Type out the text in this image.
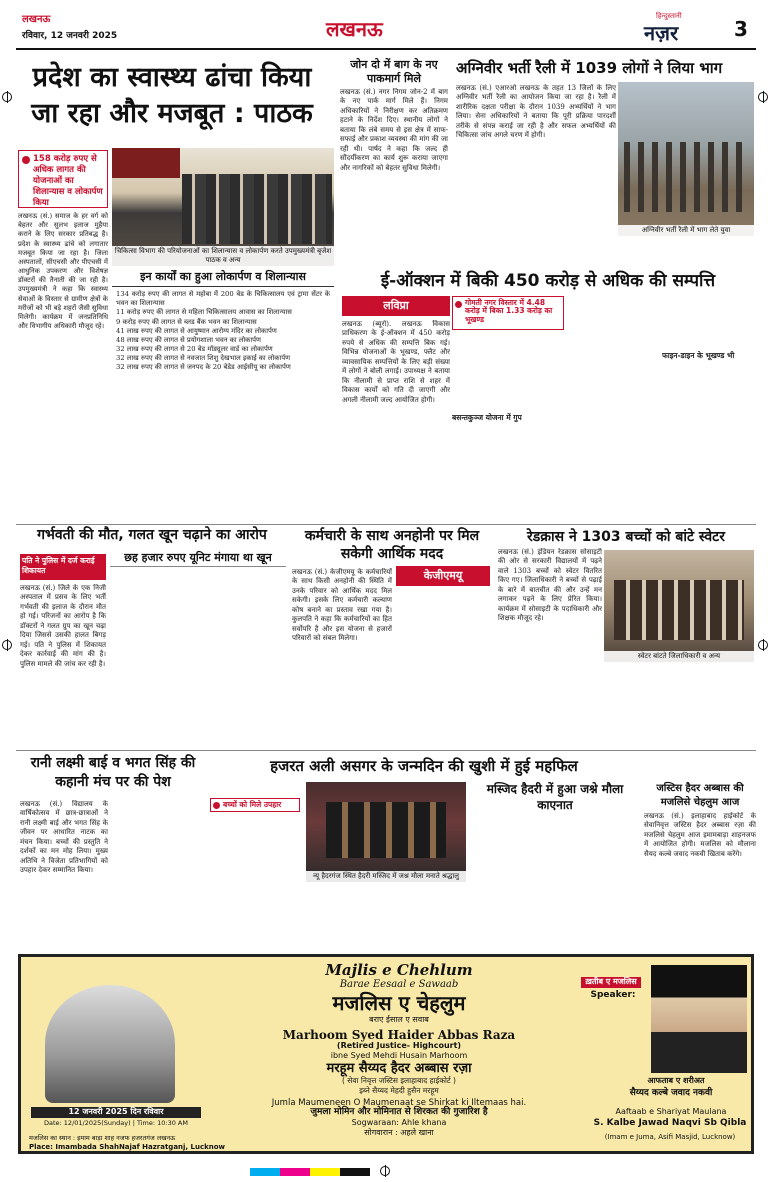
लखनऊ
रविवार, 12 जनवरी 2025	लखनऊ
हिन्दुस्तानी
नज़र	3
प्रदेश का स्वास्थ्य ढांचा किया जा रहा और मजबूत : पाठक
158 करोड़ रुपए से अधिक लागत की योजनाओं का शिलान्यास व लोकार्पण किया
चिकित्सा विभाग की परियोजनाओं का शिलान्यास व लोकार्पण करते उपमुख्यमंत्री बृजेश पाठक व अन्य
लखनऊ (सं.) समाज के हर वर्ग को बेहतर और सुलभ इलाज मुहैया कराने के लिए सरकार प्रतिबद्ध है। प्रदेश के स्वास्थ्य ढांचे को लगातार मजबूत किया जा रहा है। जिला अस्पतालों, सीएचसी और पीएचसी में आधुनिक उपकरण और विशेषज्ञ डॉक्टरों की तैनाती की जा रही है। उपमुख्यमंत्री ने कहा कि स्वास्थ्य सेवाओं के विस्तार से ग्रामीण क्षेत्रों के मरीजों को भी बड़े शहरों जैसी सुविधा मिलेगी। कार्यक्रम में जनप्रतिनिधि और विभागीय अधिकारी मौजूद रहे।
इन कार्यों का हुआ लोकार्पण व शिलान्यास
134 करोड़ रुपए की लागत से महोबा में 200 बेड के चिकित्सालय एवं ट्रामा सेंटर के भवन का शिलान्यास
11 करोड़ रुपए की लागत से महिला चिकित्सालय आवास का शिलान्यास
9 करोड़ रुपए की लागत से ब्लड बैंक भवन का शिलान्यास
41 लाख रुपए की लागत से आयुष्मान आरोग्य मंदिर का लोकार्पण
48 लाख रुपए की लागत से प्रयोगशाला भवन का लोकार्पण
32 लाख रुपए की लागत से 20 बेड मॉड्यूलर वार्ड का लोकार्पण
32 लाख रुपए की लागत से नवजात शिशु देखभाल इकाई का लोकार्पण
32 लाख रुपए की लागत से जनपद के 20 बेडेड आईसीयू का लोकार्पण
जोन दो में बाग के नए पाकमार्ग मिले
लखनऊ (सं.) नगर निगम जोन-2 में बाग के नए पार्क मार्ग मिले हैं। निगम अधिकारियों ने निरीक्षण कर अतिक्रमण हटाने के निर्देश दिए। स्थानीय लोगों ने बताया कि लंबे समय से इस क्षेत्र में साफ-सफाई और प्रकाश व्यवस्था की मांग की जा रही थी। पार्षद ने कहा कि जल्द ही सौंदर्यीकरण का कार्य शुरू कराया जाएगा और नागरिकों को बेहतर सुविधा मिलेगी।
अग्निवीर भर्ती रैली में 1039 लोगों ने लिया भाग
लखनऊ (सं.) एआरओ लखनऊ के तहत 13 जिलों के लिए अग्निवीर भर्ती रैली का आयोजन किया जा रहा है। रैली में शारीरिक दक्षता परीक्षा के दौरान 1039 अभ्यर्थियों ने भाग लिया। सेना अधिकारियों ने बताया कि पूरी प्रक्रिया पारदर्शी तरीके से संपन्न कराई जा रही है और सफल अभ्यर्थियों की चिकित्सा जांच अगले चरण में होगी।
अग्निवीर भर्ती रैली में भाग लेते युवा
ई-ऑक्शन में बिकी 450 करोड़ से अधिक की सम्पत्ति
लविप्रा	गोमती नगर विस्तार में 4.48 करोड़ में बिका 1.33 करोड़ का भूखण्ड
लखनऊ (ब्यूरो). लखनऊ विकास प्राधिकरण के ई-ऑक्शन में 450 करोड़ रुपये से अधिक की सम्पत्ति बिक गई। विभिन्न योजनाओं के भूखण्ड, फ्लैट और व्यावसायिक सम्पत्तियों के लिए बड़ी संख्या में लोगों ने बोली लगाई। उपाध्यक्ष ने बताया कि नीलामी से प्राप्त राशि से शहर में विकास कार्यों को गति दी जाएगी और अगली नीलामी जल्द आयोजित होगी।
बसन्तकुञ्ज योजना में गुप
फाइन-डाइन के भूखण्ड भी
गर्भवती की मौत, गलत खून चढ़ाने का आरोप
पति ने पुलिस में दर्ज कराई शिकायत
छह हजार रुपए यूनिट मंगाया था खून
लखनऊ (सं.) जिले के एक निजी अस्पताल में प्रसव के लिए भर्ती गर्भवती की इलाज के दौरान मौत हो गई। परिजनों का आरोप है कि डॉक्टरों ने गलत ग्रुप का खून चढ़ा दिया जिससे उसकी हालत बिगड़ गई। पति ने पुलिस में शिकायत देकर कार्रवाई की मांग की है। पुलिस मामले की जांच कर रही है।
कर्मचारी के साथ अनहोनी पर मिल सकेगी आर्थिक मदद
केजीएमयू
लखनऊ (सं.) केजीएमयू के कर्मचारियों के साथ किसी अनहोनी की स्थिति में उनके परिवार को आर्थिक मदद मिल सकेगी। इसके लिए कर्मचारी कल्याण कोष बनाने का प्रस्ताव रखा गया है। कुलपति ने कहा कि कर्मचारियों का हित सर्वोपरि है और इस योजना से हजारों परिवारों को संबल मिलेगा।
रेडक्रास ने 1303 बच्चों को बांटे स्वेटर
लखनऊ (सं.) इंडियन रेडक्रास सोसाइटी की ओर से सरकारी विद्यालयों में पढ़ने वाले 1303 बच्चों को स्वेटर वितरित किए गए। जिलाधिकारी ने बच्चों से पढ़ाई के बारे में बातचीत की और उन्हें मन लगाकर पढ़ने के लिए प्रेरित किया। कार्यक्रम में सोसाइटी के पदाधिकारी और शिक्षक मौजूद रहे।
स्वेटर बांटते जिलाधिकारी व अन्य
रानी लक्ष्मी बाई व भगत सिंह की कहानी मंच पर की पेश
लखनऊ (सं.) विद्यालय के वार्षिकोत्सव में छात्र-छात्राओं ने रानी लक्ष्मी बाई और भगत सिंह के जीवन पर आधारित नाटक का मंचन किया। बच्चों की प्रस्तुति ने दर्शकों का मन मोह लिया। मुख्य अतिथि ने विजेता प्रतिभागियों को उपहार देकर सम्मानित किया।
बच्चों को मिले उपहार
हजरत अली असगर के जन्मदिन की खुशी में हुई महफिल
न्यू हैदरगंज स्थित हैदरी मस्जिद में जश्न मौला मनाते श्रद्धालु
मस्जिद हैदरी में हुआ जश्ने मौला काएनात
जस्टिस हैदर अब्बास की मजलिसे चेहलुम आज
लखनऊ (सं.) इलाहाबाद हाईकोर्ट के सेवानिवृत्त जस्टिस हैदर अब्बास रज़ा की मजलिसे चेहलुम आज इमामबाड़ा शाहनजफ में आयोजित होगी। मजलिस को मौलाना सैयद कल्बे जवाद नकवी खिताब करेंगे।
12 जनवरी 2025 दिन रविवार
Date: 12/01/2025(Sunday) | Time: 10:30 AM
मजलिस का स्थान : इमाम बाड़ा शाह नजफ हजरतगंज लखनऊ
Place: Imambada ShahNajaf Hazratganj, Lucknow
Majlis e Chehlum
Barae Eesaal e Sawaab
मजलिस ए चेहलुम
बराए ईसाल ए सवाब
Marhoom Syed Haider Abbas Raza
(Retired Justice- Highcourt)
ibne Syed Mehdi Husain Marhoom
मरहूम सैय्यद हैदर अब्बास रज़ा
( सेवा निवृत्त जस्टिस इलाहाबाद हाईकोर्ट )
इब्ने सैय्यद मेहदी हुसैन मरहूम
Jumla Maumeneen O Maumenaat se Shirkat ki Iltemaas hai.
जुमला मोमिन और मोमिनात से शिरकत की गुजारिश है
Sogwaraan: Ahle khana
सोगवारान : अहले खाना
ख़तीब ए मजलिस
Speaker:
आफताब ए शरीअत
सैय्यद कल्बे जवाद नकवी
Aaftaab e Shariyat Maulana
S. Kalbe Jawad Naqvi Sb Qibla
(Imam e Juma, Asifi Masjid, Lucknow)
